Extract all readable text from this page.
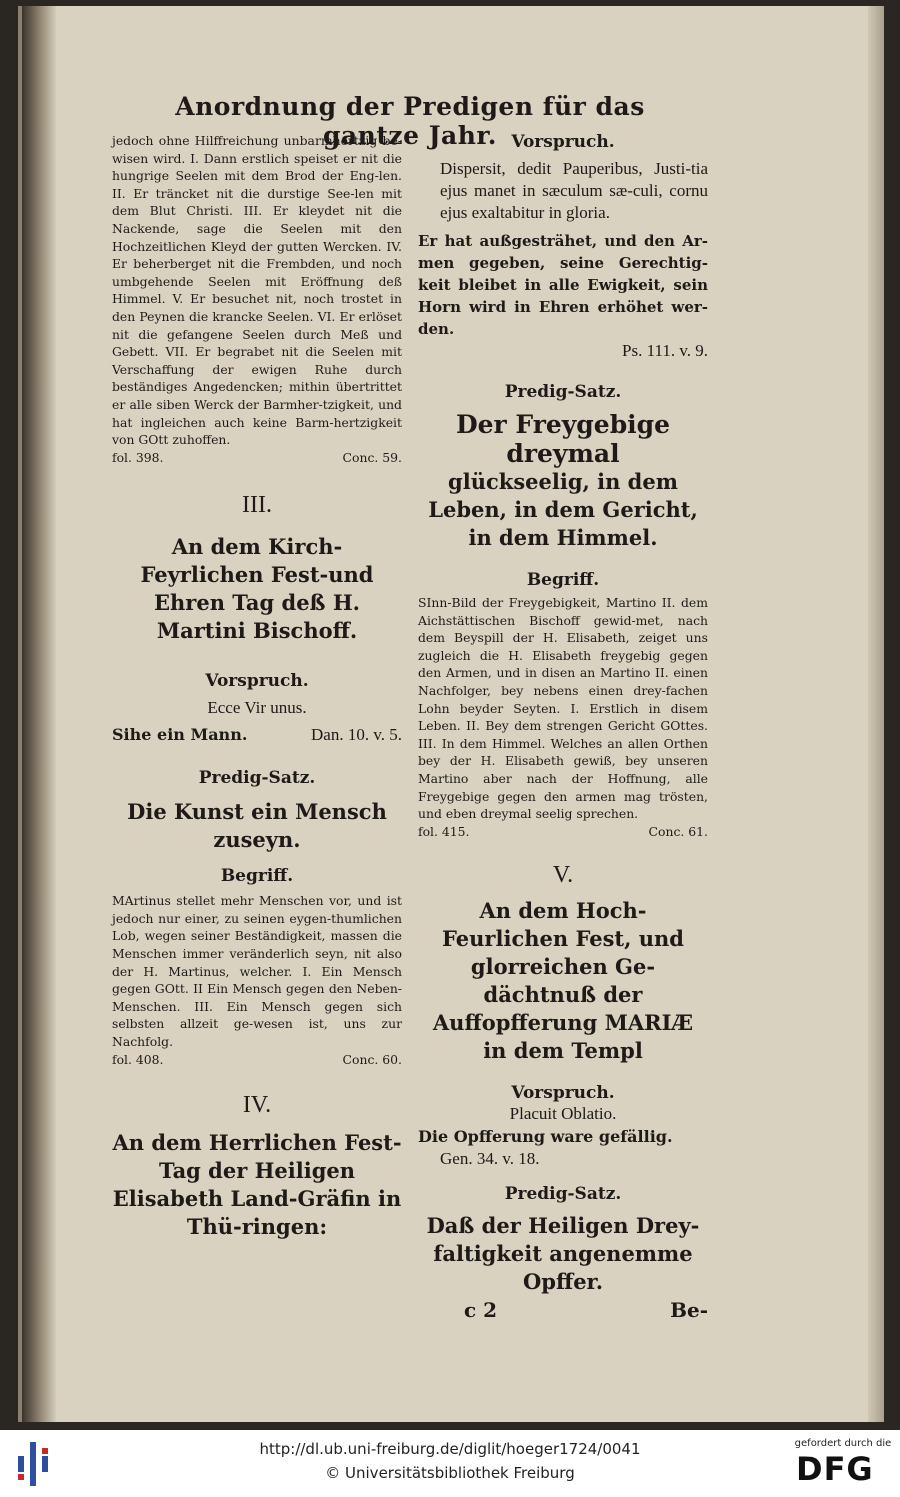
Anordnung der Predigen für das gantze Jahr.

jedoch ohne Hilffreichung unbarmhertzig be-wisen wird. I. Dann erstlich speiset er nit die hungrige Seelen mit dem Brod der Eng-len. II. Er träncket nit die durstige See-len mit dem Blut Christi. III. Er kleydet nit die Nackende, sage die Seelen mit den Hochzeitlichen Kleyd der gutten Wercken. IV. Er beherberget nit die Frembden, und noch umbgehende Seelen mit Eröffnung deß Himmel. V. Er besuchet nit, noch trostet in den Peynen die krancke Seelen. VI. Er erlöset nit die gefangene Seelen durch Meß und Gebett. VII. Er begrabet nit die Seelen mit Verschaffung der ewigen Ruhe durch beständiges Angedencken; mithin übertrittet er alle siben Werck der Barmher-tzigkeit, und hat ingleichen auch keine Barm-hertzigkeit von GOtt zuhoffen.

fol. 398.	Conc. 59.

III.

An dem Kirch-Feyrlichen Fest-und Ehren Tag deß H. Martini Bischoff.

Vorspruch.

Ecce Vir unus.

Sihe ein Mann.	Dan. 10. v. 5.

Predig-Satz.

Die Kunst ein Mensch zuseyn.

Begriff.

MArtinus stellet mehr Menschen vor, und ist jedoch nur einer, zu seinen eygen-thumlichen Lob, wegen seiner Beständigkeit, massen die Menschen immer veränderlich seyn, nit also der H. Martinus, welcher. I. Ein Mensch gegen GOtt. II Ein Mensch gegen den Neben-Menschen. III. Ein Mensch gegen sich selbsten allzeit ge-wesen ist, uns zur Nachfolg.

fol. 408.	Conc. 60.

IV.

An dem Herrlichen Fest-Tag der Heiligen Elisabeth Land-Gräfin in Thü-ringen:

Vorspruch.

Dispersit, dedit Pauperibus, Justi-tia ejus manet in sæculum sæ-culi, cornu ejus exaltabitur in gloria.

Er hat außgesträhet, und den Ar-men gegeben, seine Gerechtig-keit bleibet in alle Ewigkeit, sein Horn wird in Ehren erhöhet wer-den.

Ps. 111. v. 9.

Predig-Satz.

Der Freygebige dreymal

glückseelig, in dem Leben, in dem Gericht, in dem Himmel.

Begriff.

SInn-Bild der Freygebigkeit, Martino II. dem Aichstättischen Bischoff gewid-met, nach dem Beyspill der H. Elisabeth, zeiget uns zugleich die H. Elisabeth freygebig gegen den Armen, und in disen an Martino II. einen Nachfolger, bey nebens einen drey-fachen Lohn beyder Seyten. I. Erstlich in disem Leben. II. Bey dem strengen Gericht GOttes. III. In dem Himmel. Welches an allen Orthen bey der H. Elisabeth gewiß, bey unseren Martino aber nach der Hoffnung, alle Freygebige gegen den armen mag trösten, und eben dreymal seelig sprechen.

fol. 415.	Conc. 61.

V.

An dem Hoch-Feurlichen Fest, und glorreichen Ge-dächtnuß der Auffopfferung MARIÆ in dem Templ

Vorspruch.

Placuit Oblatio.

Die Opfferung ware gefällig.

Gen. 34. v. 18.

Predig-Satz.

Daß der Heiligen Drey-faltigkeit angenemme Opffer.

c 2	Be-
http://dl.ub.uni-freiburg.de/diglit/hoeger1724/0041
© Universitätsbibliothek Freiburg
gefordert durch die
DFG
